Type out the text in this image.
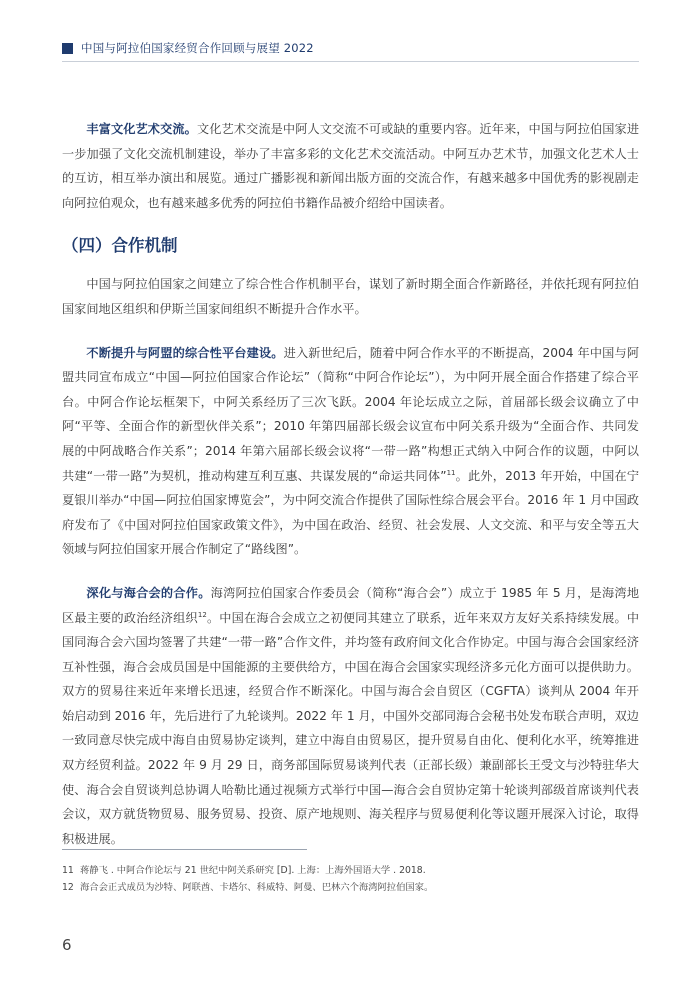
中国与阿拉伯国家经贸合作回顾与展望 2022

丰富文化艺术交流。文化艺术交流是中阿人文交流不可或缺的重要内容。近年来，中国与阿拉伯国家进一步加强了文化交流机制建设，举办了丰富多彩的文化艺术交流活动。中阿互办艺术节，加强文化艺术人士的互访，相互举办演出和展览。通过广播影视和新闻出版方面的交流合作，有越来越多中国优秀的影视剧走向阿拉伯观众，也有越来越多优秀的阿拉伯书籍作品被介绍给中国读者。

（四）合作机制

中国与阿拉伯国家之间建立了综合性合作机制平台，谋划了新时期全面合作新路径，并依托现有阿拉伯国家间地区组织和伊斯兰国家间组织不断提升合作水平。

不断提升与阿盟的综合性平台建设。进入新世纪后，随着中阿合作水平的不断提高，2004 年中国与阿盟共同宣布成立“中国—阿拉伯国家合作论坛”（简称“中阿合作论坛”），为中阿开展全面合作搭建了综合平台。中阿合作论坛框架下，中阿关系经历了三次飞跃。2004 年论坛成立之际，首届部长级会议确立了中阿“平等、全面合作的新型伙伴关系”；2010 年第四届部长级会议宣布中阿关系升级为“全面合作、共同发展的中阿战略合作关系”；2014 年第六届部长级会议将“一带一路”构想正式纳入中阿合作的议题，中阿以共建“一带一路”为契机，推动构建互利互惠、共谋发展的“命运共同体”$^{11}$。此外，2013 年开始，中国在宁夏银川举办“中国—阿拉伯国家博览会”，为中阿交流合作提供了国际性综合展会平台。2016 年 1 月中国政府发布了《中国对阿拉伯国家政策文件》，为中国在政治、经贸、社会发展、人文交流、和平与安全等五大领域与阿拉伯国家开展合作制定了“路线图”。

深化与海合会的合作。海湾阿拉伯国家合作委员会（简称“海合会”）成立于 1985 年 5 月，是海湾地区最主要的政治经济组织$^{12}$。中国在海合会成立之初便同其建立了联系，近年来双方友好关系持续发展。中国同海合会六国均签署了共建“一带一路”合作文件，并均签有政府间文化合作协定。中国与海合会国家经济互补性强，海合会成员国是中国能源的主要供给方，中国在海合会国家实现经济多元化方面可以提供助力。双方的贸易往来近年来增长迅速，经贸合作不断深化。中国与海合会自贸区（CGFTA）谈判从 2004 年开始启动到 2016 年，先后进行了九轮谈判。2022 年 1 月，中国外交部同海合会秘书处发布联合声明，双边一致同意尽快完成中海自由贸易协定谈判，建立中海自由贸易区，提升贸易自由化、便利化水平，统筹推进双方经贸利益。2022 年 9 月 29 日，商务部国际贸易谈判代表（正部长级）兼副部长王受文与沙特驻华大使、海合会自贸谈判总协调人哈勒比通过视频方式举行中国—海合会自贸协定第十轮谈判部级首席谈判代表会议，双方就货物贸易、服务贸易、投资、原产地规则、海关程序与贸易便利化等议题开展深入讨论，取得积极进展。

11 蒋静飞 . 中阿合作论坛与 21 世纪中阿关系研究 [D]. 上海：上海外国语大学 . 2018.

12 海合会正式成员为沙特、阿联酋、卡塔尔、科威特、阿曼、巴林六个海湾阿拉伯国家。

6
